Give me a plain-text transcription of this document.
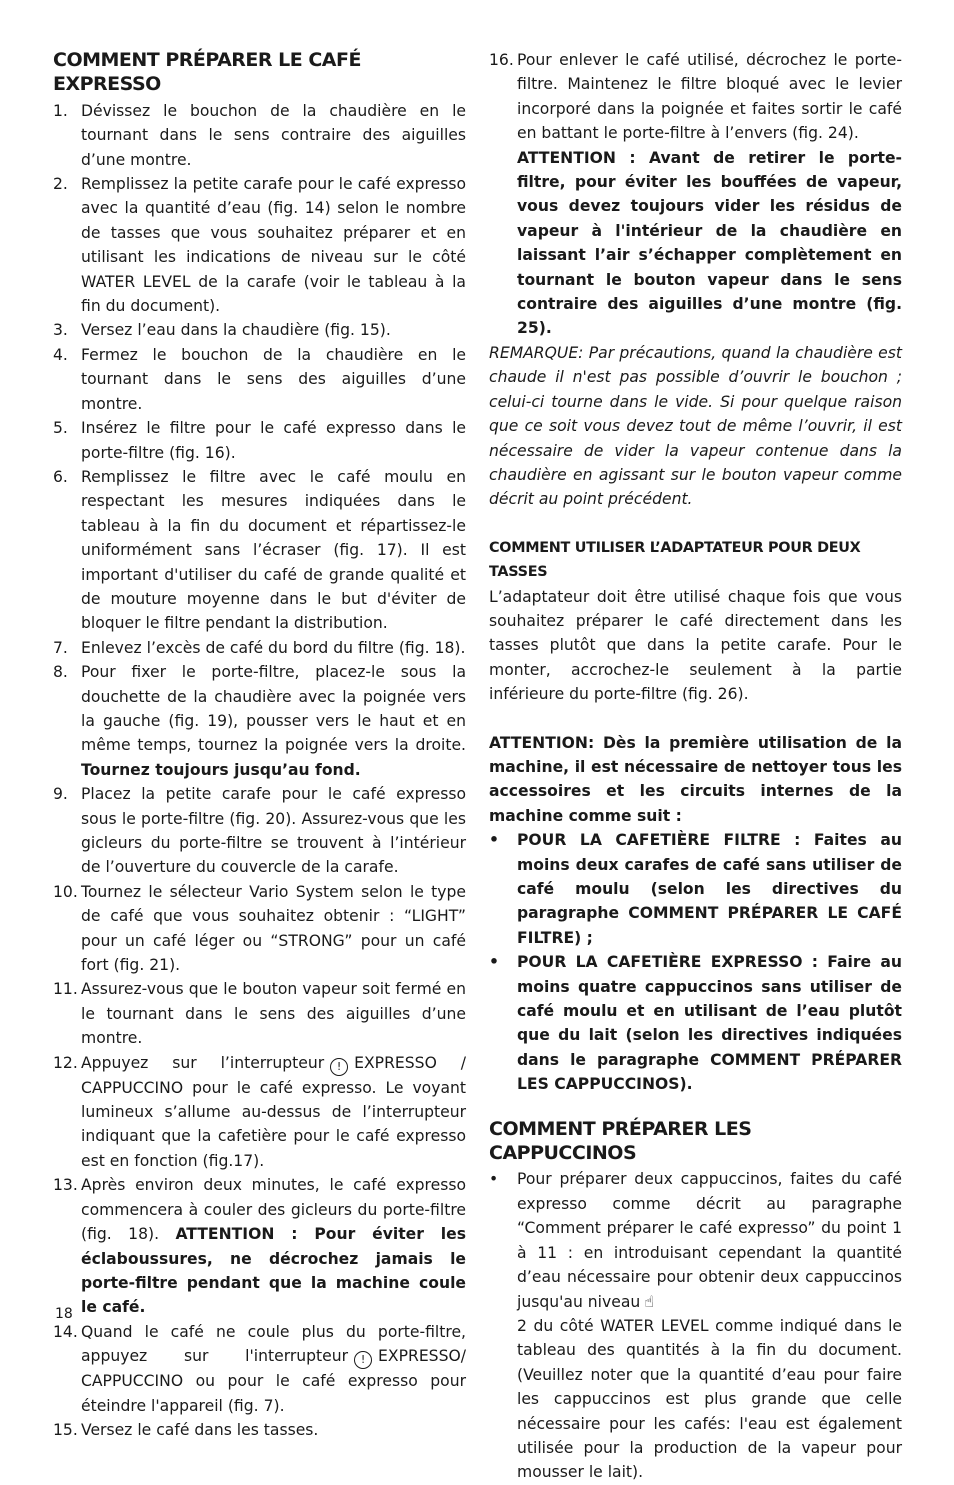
COMMENT PRÉPARER LE CAFÉ EXPRESSO
1. Dévissez le bouchon de la chaudière en le tournant dans le sens contraire des aiguilles d’une montre.
2. Remplissez la petite carafe pour le café expresso avec la quantité d’eau (fig. 14) selon le nombre de tasses que vous souhaitez préparer et en utilisant les indications de niveau sur le côté WATER LEVEL de la carafe (voir le tableau à la fin du document).
3. Versez l’eau dans la chaudière (fig. 15).
4. Fermez le bouchon de la chaudière en le tournant dans le sens des aiguilles d’une montre.
5. Insérez le filtre pour le café expresso dans le porte-filtre (fig. 16).
6. Remplissez le filtre avec le café moulu en respectant les mesures indiquées dans le tableau à la fin du document et répartissez-le uniformément sans l’écraser (fig. 17). Il est important d'utiliser du café de grande qualité et de mouture moyenne dans le but d'éviter de bloquer le filtre pendant la distribution.
7. Enlevez l’excès de café du bord du filtre (fig. 18).
8. Pour fixer le porte-filtre, placez-le sous la douchette de la chaudière avec la poignée vers la gauche (fig. 19), pousser vers le haut et en même temps, tournez la poignée vers la droite. Tournez toujours jusqu’au fond.
9. Placez la petite carafe pour le café expresso sous le porte-filtre (fig. 20). Assurez-vous que les gicleurs du porte-filtre se trouvent à l’intérieur de l’ouverture du couvercle de la carafe.
10. Tournez le sélecteur Vario System selon le type de café que vous souhaitez obtenir : “LIGHT” pour un café léger ou “STRONG” pour un café fort (fig. 21).
11. Assurez-vous que le bouton vapeur soit fermé en le tournant dans le sens des aiguilles d’une montre.
12. Appuyez sur l’interrupteur ! EXPRESSO / CAPPUCCINO pour le café expresso. Le voyant lumineux s’allume au-dessus de l’interrupteur indiquant que la cafetière pour le café expresso est en fonction (fig.17).
13. Après environ deux minutes, le café expresso commencera à couler des gicleurs du porte-filtre (fig. 18). ATTENTION : Pour éviter les éclaboussures, ne décrochez jamais le porte-filtre pendant que la machine coule le café.
14. Quand le café ne coule plus du porte-filtre, appuyez sur l'interrupteur ! EXPRESSO/ CAPPUCCINO ou pour le café expresso pour éteindre l'appareil (fig. 7).
15. Versez le café dans les tasses.
16. Pour enlever le café utilisé, décrochez le porte-filtre. Maintenez le filtre bloqué avec le levier incorporé dans la poignée et faites sortir le café en battant le porte-filtre à l’envers (fig. 24).
ATTENTION : Avant de retirer le porte-filtre, pour éviter les bouffées de vapeur, vous devez toujours vider les résidus de vapeur à l'intérieur de la chaudière en laissant l’air s’échapper complètement en tournant le bouton vapeur dans le sens contraire des aiguilles d’une montre (fig. 25).

REMARQUE: Par précautions, quand la chaudière est chaude il n'est pas possible d’ouvrir le bouchon ; celui-ci tourne dans le vide. Si pour quelque raison que ce soit vous devez tout de même l’ouvrir, il est nécessaire de vider la vapeur contenue dans la chaudière en agissant sur le bouton vapeur comme décrit au point précédent.

COMMENT UTILISER L’ADAPTATEUR POUR DEUX TASSES

L’adaptateur doit être utilisé chaque fois que vous souhaitez préparer le café directement dans les tasses plutôt que dans la petite carafe. Pour le monter, accrochez-le seulement à la partie inférieure du porte-filtre (fig. 26).

ATTENTION: Dès la première utilisation de la machine, il est nécessaire de nettoyer tous les accessoires et les circuits internes de la machine comme suit :

• POUR LA CAFETIÈRE FILTRE : Faites au moins deux carafes de café sans utiliser de café moulu (selon les directives du paragraphe COMMENT PRÉPARER LE CAFÉ FILTRE) ;
• POUR LA CAFETIÈRE EXPRESSO : Faire au moins quatre cappuccinos sans utiliser de café moulu et en utilisant de l’eau plutôt que du lait (selon les directives indiquées dans le paragraphe COMMENT PRÉPARER LES CAPPUCCINOS).
COMMENT PRÉPARER LES CAPPUCCINOS
• Pour préparer deux cappuccinos, faites du café expresso comme décrit au paragraphe “Comment préparer le café expresso” du point 1 à 11 : en introduisant cependant la quantité d’eau nécessaire pour obtenir deux cappuccinos jusqu'au niveau ☝
2 du côté WATER LEVEL comme indiqué dans le tableau des quantités à la fin du document. (Veuillez noter que la quantité d’eau pour faire les cappuccinos est plus grande que celle nécessaire pour les cafés: l'eau est également utilisée pour la production de la vapeur pour mousser le lait).
18
